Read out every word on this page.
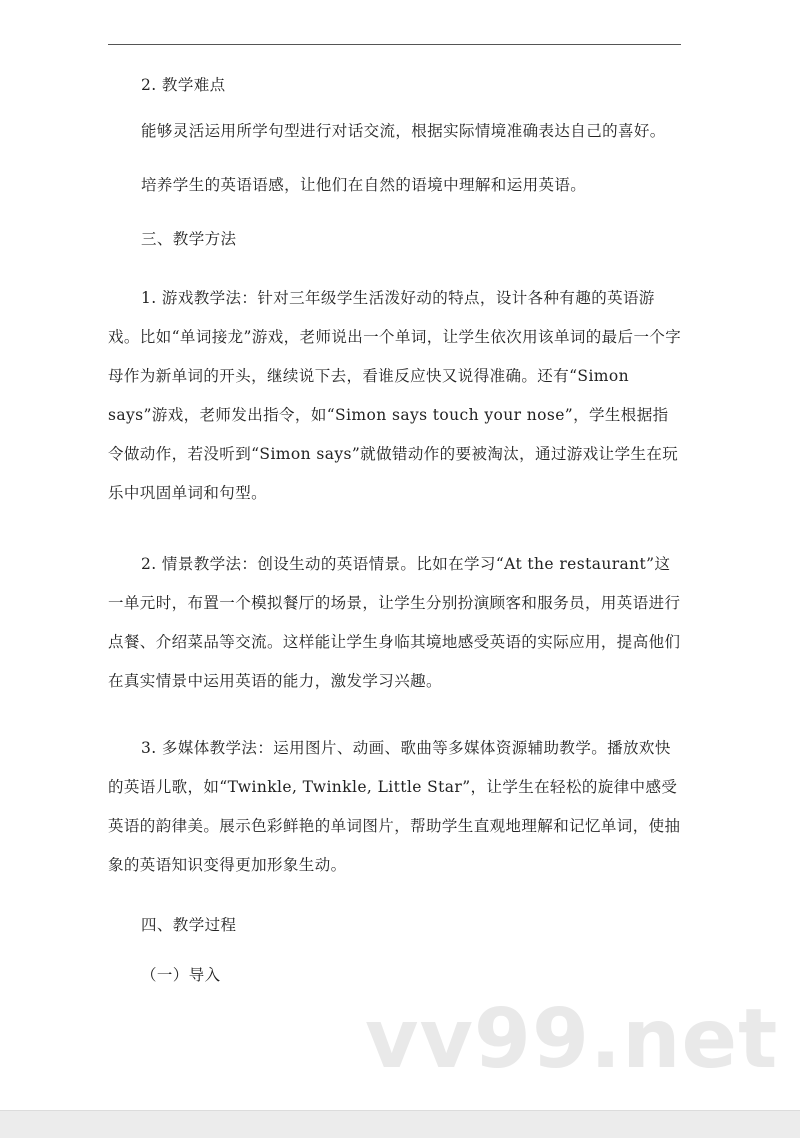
2. 教学难点

能够灵活运用所学句型进行对话交流，根据实际情境准确表达自己的喜好。

培养学生的英语语感，让他们在自然的语境中理解和运用英语。

三、教学方法

1. 游戏教学法：针对三年级学生活泼好动的特点，设计各种有趣的英语游戏。比如“单词接龙”游戏，老师说出一个单词，让学生依次用该单词的最后一个字母作为新单词的开头，继续说下去，看谁反应快又说得准确。还有“Simon says”游戏，老师发出指令，如“Simon says touch your nose”，学生根据指令做动作，若没听到“Simon says”就做错动作的要被淘汰，通过游戏让学生在玩乐中巩固单词和句型。

2. 情景教学法：创设生动的英语情景。比如在学习“At the restaurant”这一单元时，布置一个模拟餐厅的场景，让学生分别扮演顾客和服务员，用英语进行点餐、介绍菜品等交流。这样能让学生身临其境地感受英语的实际应用，提高他们在真实情景中运用英语的能力，激发学习兴趣。

3. 多媒体教学法：运用图片、动画、歌曲等多媒体资源辅助教学。播放欢快的英语儿歌，如“Twinkle, Twinkle, Little Star”，让学生在轻松的旋律中感受英语的韵律美。展示色彩鲜艳的单词图片，帮助学生直观地理解和记忆单词，使抽象的英语知识变得更加形象生动。

四、教学过程

（一）导入

vv99.net
